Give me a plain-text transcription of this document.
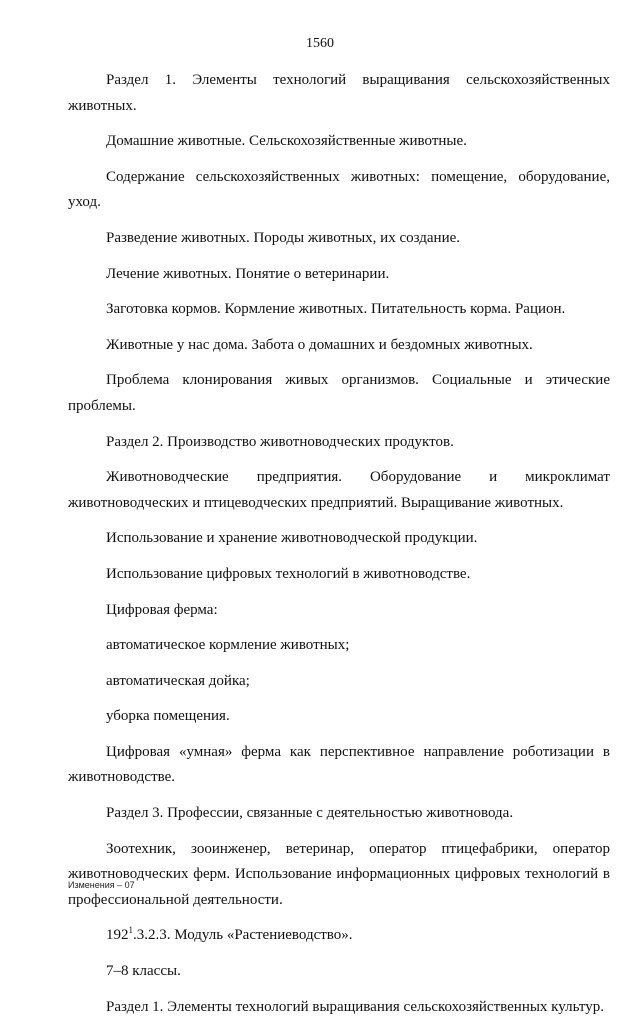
1560

Раздел 1. Элементы технологий выращивания сельскохозяйственных животных.

Домашние животные. Сельскохозяйственные животные.

Содержание сельскохозяйственных животных: помещение, оборудование, уход.

Разведение животных. Породы животных, их создание.

Лечение животных. Понятие о ветеринарии.

Заготовка кормов. Кормление животных. Питательность корма. Рацион.

Животные у нас дома. Забота о домашних и бездомных животных.

Проблема клонирования живых организмов. Социальные и этические проблемы.

Раздел 2. Производство животноводческих продуктов.

Животноводческие предприятия. Оборудование и микроклимат животноводческих и птицеводческих предприятий. Выращивание животных.

Использование и хранение животноводческой продукции.

Использование цифровых технологий в животноводстве.

Цифровая ферма:

автоматическое кормление животных;

автоматическая дойка;

уборка помещения.

Цифровая «умная» ферма как перспективное направление роботизации в животноводстве.

Раздел 3. Профессии, связанные с деятельностью животновода.

Зоотехник, зооинженер, ветеринар, оператор птицефабрики, оператор животноводческих ферм. Использование информационных цифровых технологий в профессиональной деятельности.

$192^1.3.2.3$. Модуль «Растениеводство».

7–8 классы.

Раздел 1. Элементы технологий выращивания сельскохозяйственных культур.

Изменения – 07
